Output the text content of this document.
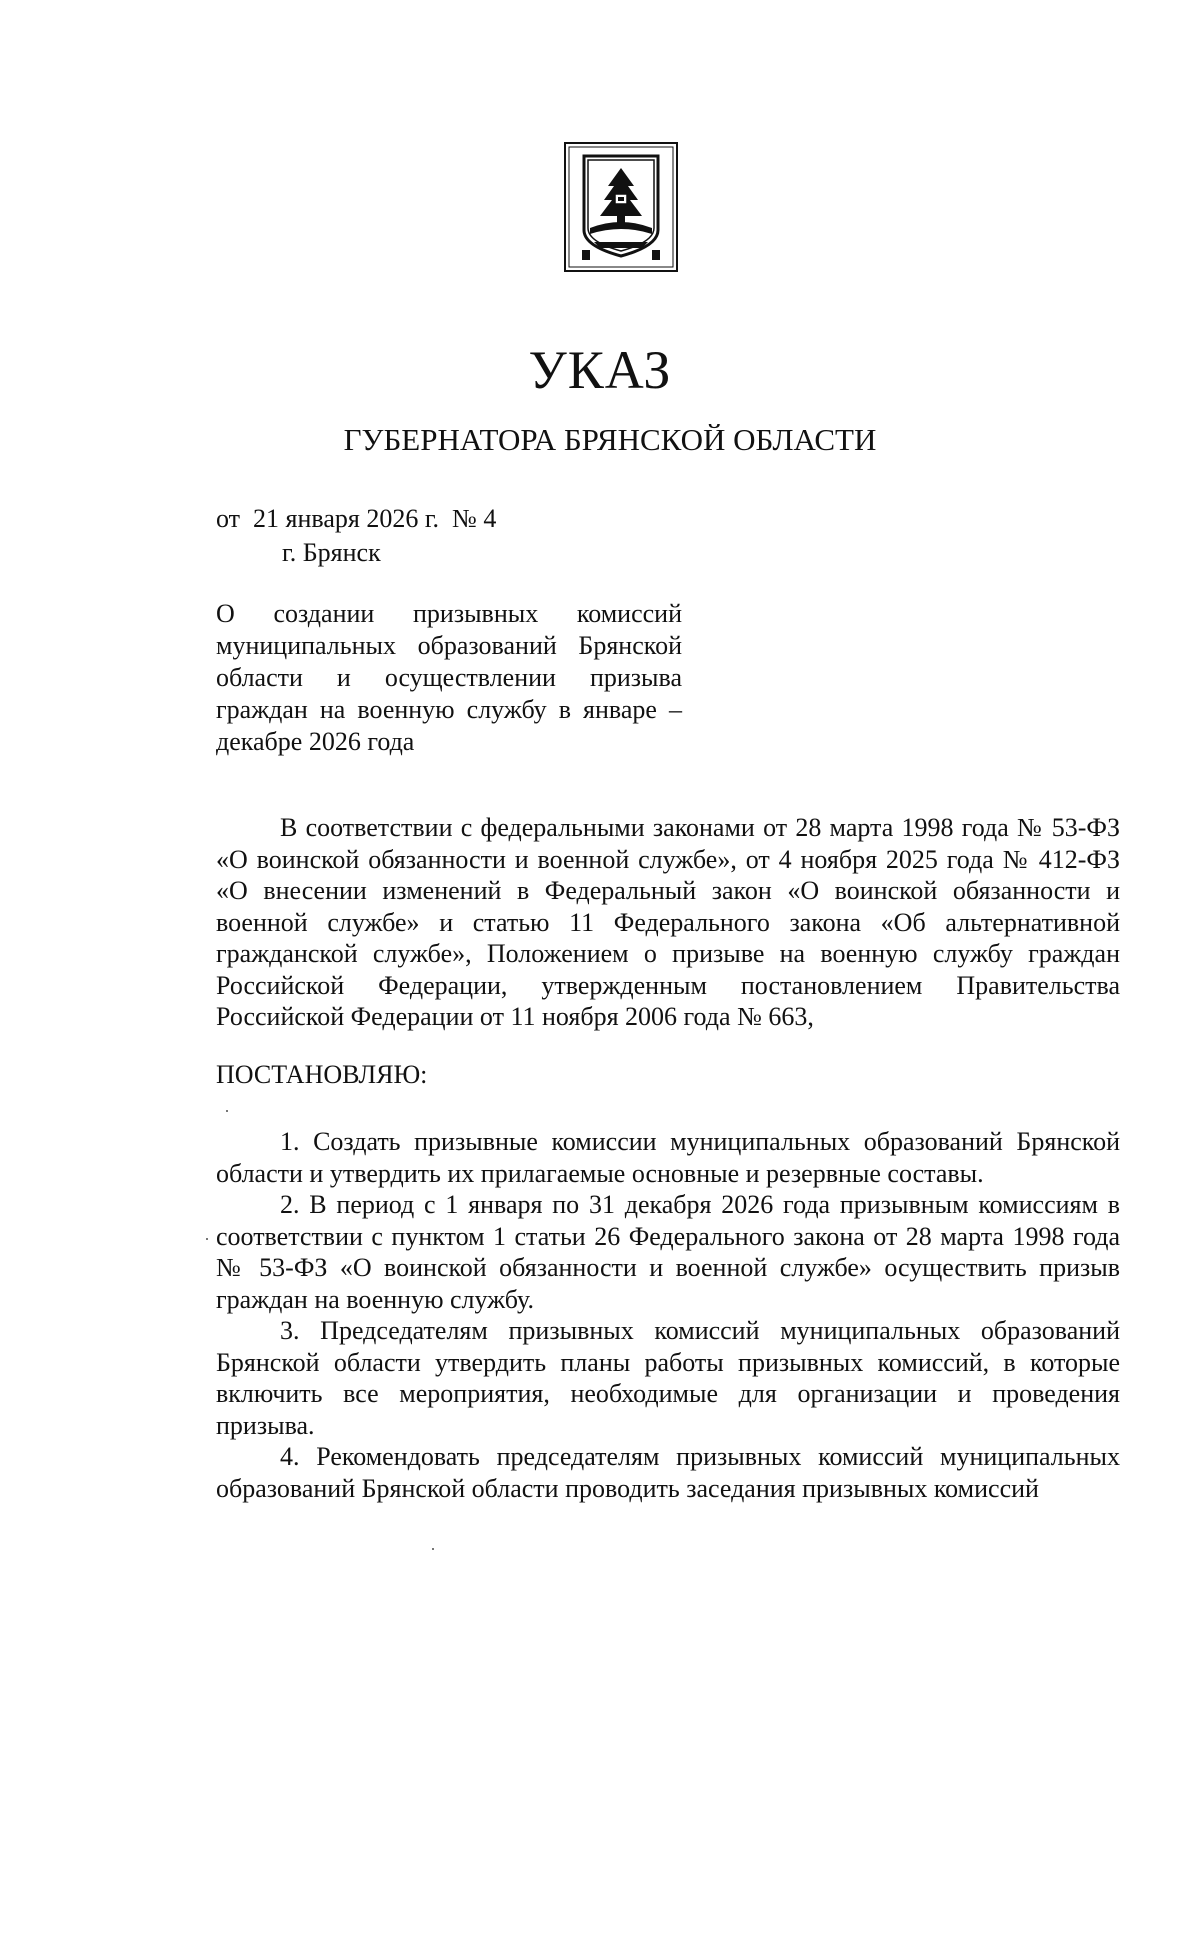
УКАЗ
ГУБЕРНАТОРА БРЯНСКОЙ ОБЛАСТИ
от  21 января 2026 г.  № 4
г. Брянск
О создании призывных комиссий муниципальных образований Брянской области и осуществлении призыва граждан на военную службу в январе – декабре 2026 года
В соответствии с федеральными законами от 28 марта 1998 года № 53-ФЗ «О воинской обязанности и военной службе», от 4 ноября 2025 года № 412-ФЗ «О внесении изменений в Федеральный закон «О воинской обязанности и военной службе» и статью 11 Федерального закона «Об альтернативной гражданской службе», Положением о призыве на военную службу граждан Российской Федерации, утвержденным постановлением Правительства Российской Федерации от 11 ноября 2006 года № 663,
ПОСТАНОВЛЯЮ:

1. Создать призывные комиссии муниципальных образований Брянской области и утвердить их прилагаемые основные и резервные составы.

2. В период с 1 января по 31 декабря 2026 года призывным комиссиям в соответствии с пунктом 1 статьи 26 Федерального закона от 28 марта 1998 года № 53-ФЗ «О воинской обязанности и военной службе» осуществить призыв граждан на военную службу.

3. Председателям призывных комиссий муниципальных образований Брянской области утвердить планы работы призывных комиссий, в которые включить все мероприятия, необходимые для организации и проведения призыва.

4. Рекомендовать председателям призывных комиссий муниципальных образований Брянской области проводить заседания призывных комиссий
